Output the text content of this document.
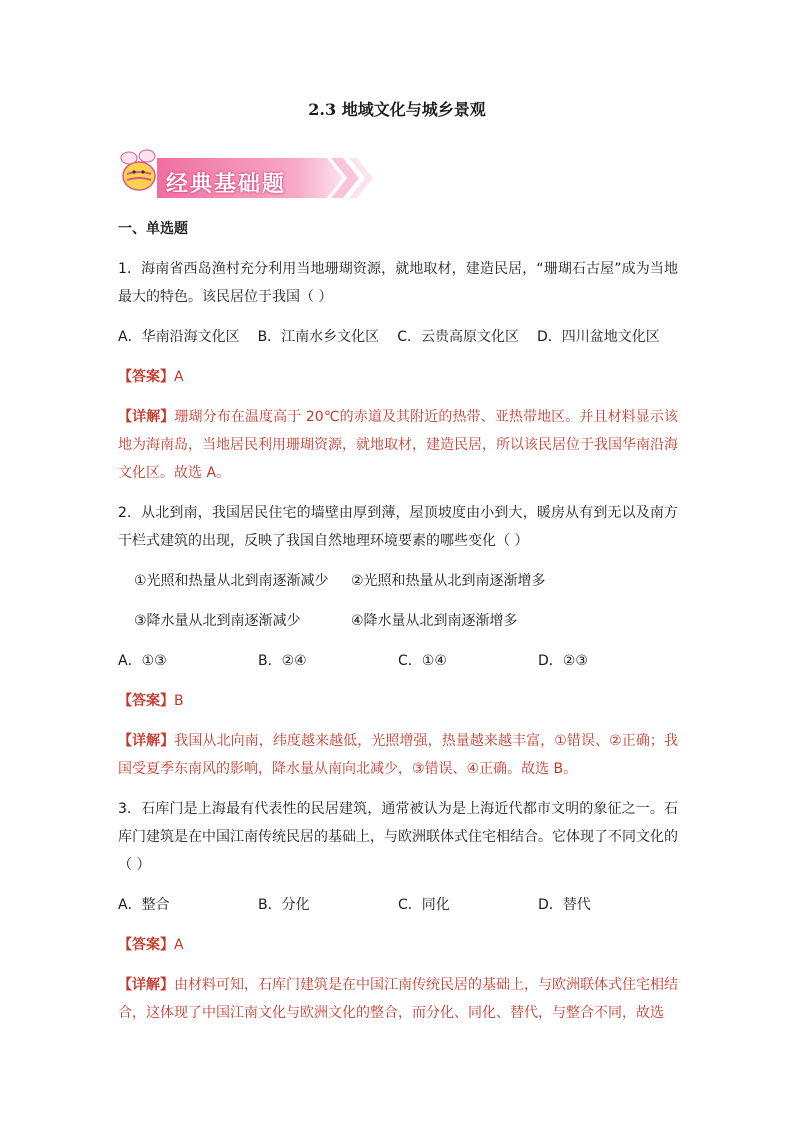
2.3 地域文化与城乡景观
经典基础题
一、单选题
1．海南省西岛渔村充分利用当地珊瑚资源，就地取材，建造民居，“珊瑚石古屋”成为当地最大的特色。该民居位于我国（ ）
A．华南沿海文化区 B．江南水乡文化区 C．云贵高原文化区 D．四川盆地文化区
【答案】A
【详解】珊瑚分布在温度高于 20℃的赤道及其附近的热带、亚热带地区。并且材料显示该地为海南岛，当地居民利用珊瑚资源，就地取材，建造民居，所以该民居位于我国华南沿海文化区。故选 A。
2．从北到南，我国居民住宅的墙壁由厚到薄，屋顶坡度由小到大，暖房从有到无以及南方干栏式建筑的出现，反映了我国自然地理环境要素的哪些变化（ ）
①光照和热量从北到南逐渐减少 ②光照和热量从北到南逐渐增多
③降水量从北到南逐渐减少	④降水量从北到南逐渐增多
A．①③	B．②④	C．①④	D．②③
【答案】B
【详解】我国从北向南，纬度越来越低，光照增强，热量越来越丰富，①错误、②正确；我国受夏季东南风的影响，降水量从南向北减少，③错误、④正确。故选 B。
3．石库门是上海最有代表性的民居建筑，通常被认为是上海近代都市文明的象征之一。石库门建筑是在中国江南传统民居的基础上，与欧洲联体式住宅相结合。它体现了不同文化的（ ）
A．整合	B．分化	C．同化	D．替代
【答案】A
【详解】由材料可知，石库门建筑是在中国江南传统民居的基础上，与欧洲联体式住宅相结合，这体现了中国江南文化与欧洲文化的整合，而分化、同化、替代，与整合不同，故选
